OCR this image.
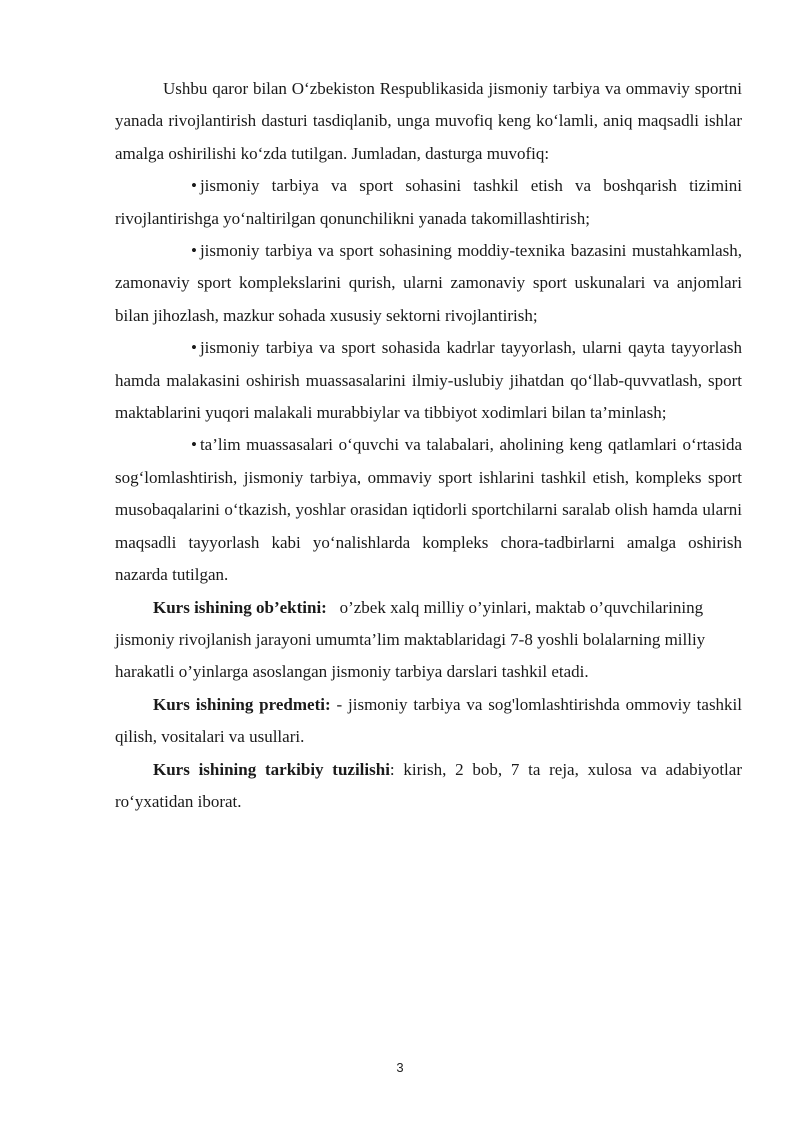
Ushbu qaror bilan O‘zbekiston Respublikasida jismoniy tarbiya va ommaviy sportni yanada rivojlantirish dasturi tasdiqlanib, unga muvofiq keng ko‘lamli, aniq maqsadli ishlar amalga oshirilishi ko‘zda tutilgan. Jumladan, dasturga muvofiq:

• jismoniy tarbiya va sport sohasini tashkil etish va boshqarish tizimini rivojlantirishga yo‘naltirilgan qonunchilikni yanada takomillashtirish;

• jismoniy tarbiya va sport sohasining moddiy-texnika bazasini mustahkamlash, zamonaviy sport komplekslarini qurish, ularni zamonaviy sport uskunalari va anjomlari bilan jihozlash, mazkur sohada xususiy sektorni rivojlantirish;

• jismoniy tarbiya va sport sohasida kadrlar tayyorlash, ularni qayta tayyorlash hamda malakasini oshirish muassasalarini ilmiy-uslubiy jihatdan qo‘llab-quvvatlash, sport maktablarini yuqori malakali murabbiylar va tibbiyot xodimlari bilan ta’minlash;

• ta’lim muassasalari o‘quvchi va talabalari, aholining keng qatlamlari o‘rtasida sog‘lomlashtirish, jismoniy tarbiya, ommaviy sport ishlarini tashkil etish, kompleks sport musobaqalarini o‘tkazish, yoshlar orasidan iqtidorli sportchilarni saralab olish hamda ularni maqsadli tayyorlash kabi yo‘nalishlarda kompleks chora-tadbirlarni amalga oshirish nazarda tutilgan.

Kurs ishining ob’ektini: o’zbek xalq milliy o’yinlari, maktab o’quvchilarining jismoniy rivojlanish jarayoni umumta’lim maktablaridagi 7-8 yoshli bolalarning milliy harakatli o’yinlarga asoslangan jismoniy tarbiya darslari tashkil etadi.

Kurs ishining predmeti: - jismoniy tarbiya va sog'lomlashtirishda ommoviy tashkil qilish, vositalari va usullari.

Kurs ishining tarkibiy tuzilishi: kirish, 2 bob, 7 ta reja, xulosa va adabiyotlar ro‘yxatidan iborat.

3
